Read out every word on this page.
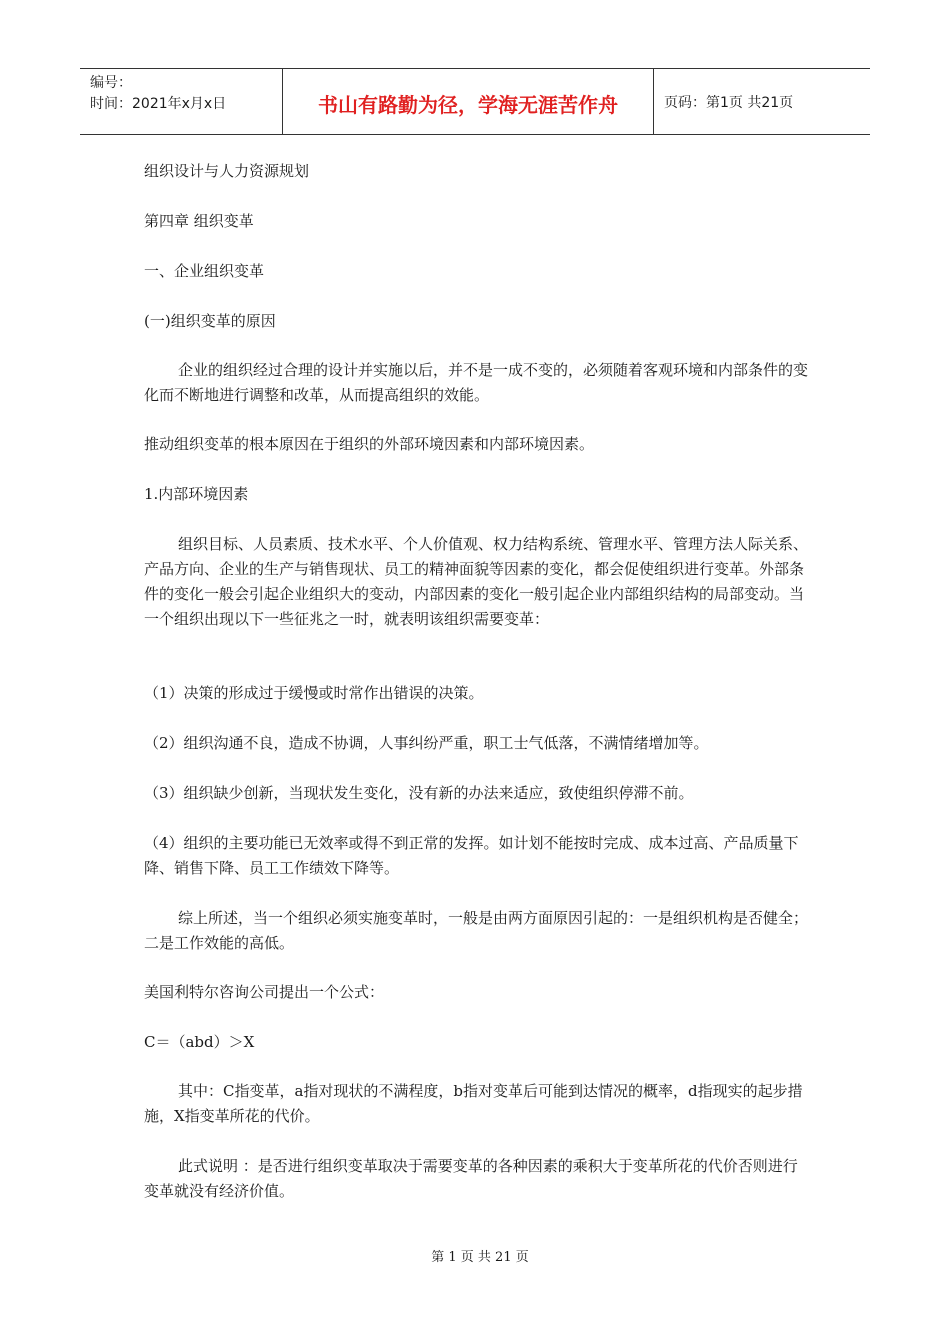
编号：
时间：2021年x月x日	书山有路勤为径，学海无涯苦作舟	页码：第1页 共21页

组织设计与人力资源规划

第四章 组织变革

一、企业组织变革

(一)组织变革的原因

企业的组织经过合理的设计并实施以后，并不是一成不变的，必须随着客观环境和内部条件的变化而不断地进行调整和改革，从而提高组织的效能。

推动组织变革的根本原因在于组织的外部环境因素和内部环境因素。

1.内部环境因素

组织目标、人员素质、技术水平、个人价值观、权力结构系统、管理水平、管理方法人际关系、产品方向、企业的生产与销售现状、员工的精神面貌等因素的变化，都会促使组织进行变革。外部条件的变化一般会引起企业组织大的变动，内部因素的变化一般引起企业内部组织结构的局部变动。当一个组织出现以下一些征兆之一时，就表明该组织需要变革：

（1）决策的形成过于缓慢或时常作出错误的决策。

（2）组织沟通不良，造成不协调，人事纠纷严重，职工士气低落，不满情绪增加等。

（3）组织缺少创新，当现状发生变化，没有新的办法来适应，致使组织停滞不前。

（4）组织的主要功能已无效率或得不到正常的发挥。如计划不能按时完成、成本过高、产品质量下降、销售下降、员工工作绩效下降等。

综上所述，当一个组织必须实施变革时，一般是由两方面原因引起的：一是组织机构是否健全；二是工作效能的高低。

美国利特尔咨询公司提出一个公式：

C＝（abd）＞X

其中：C指变革，a指对现状的不满程度，b指对变革后可能到达情况的概率，d指现实的起步措施，X指变革所花的代价。

此式说明 ：是否进行组织变革取决于需要变革的各种因素的乘积大于变革所花的代价否则进行变革就没有经济价值。

第 1 页 共 21 页
